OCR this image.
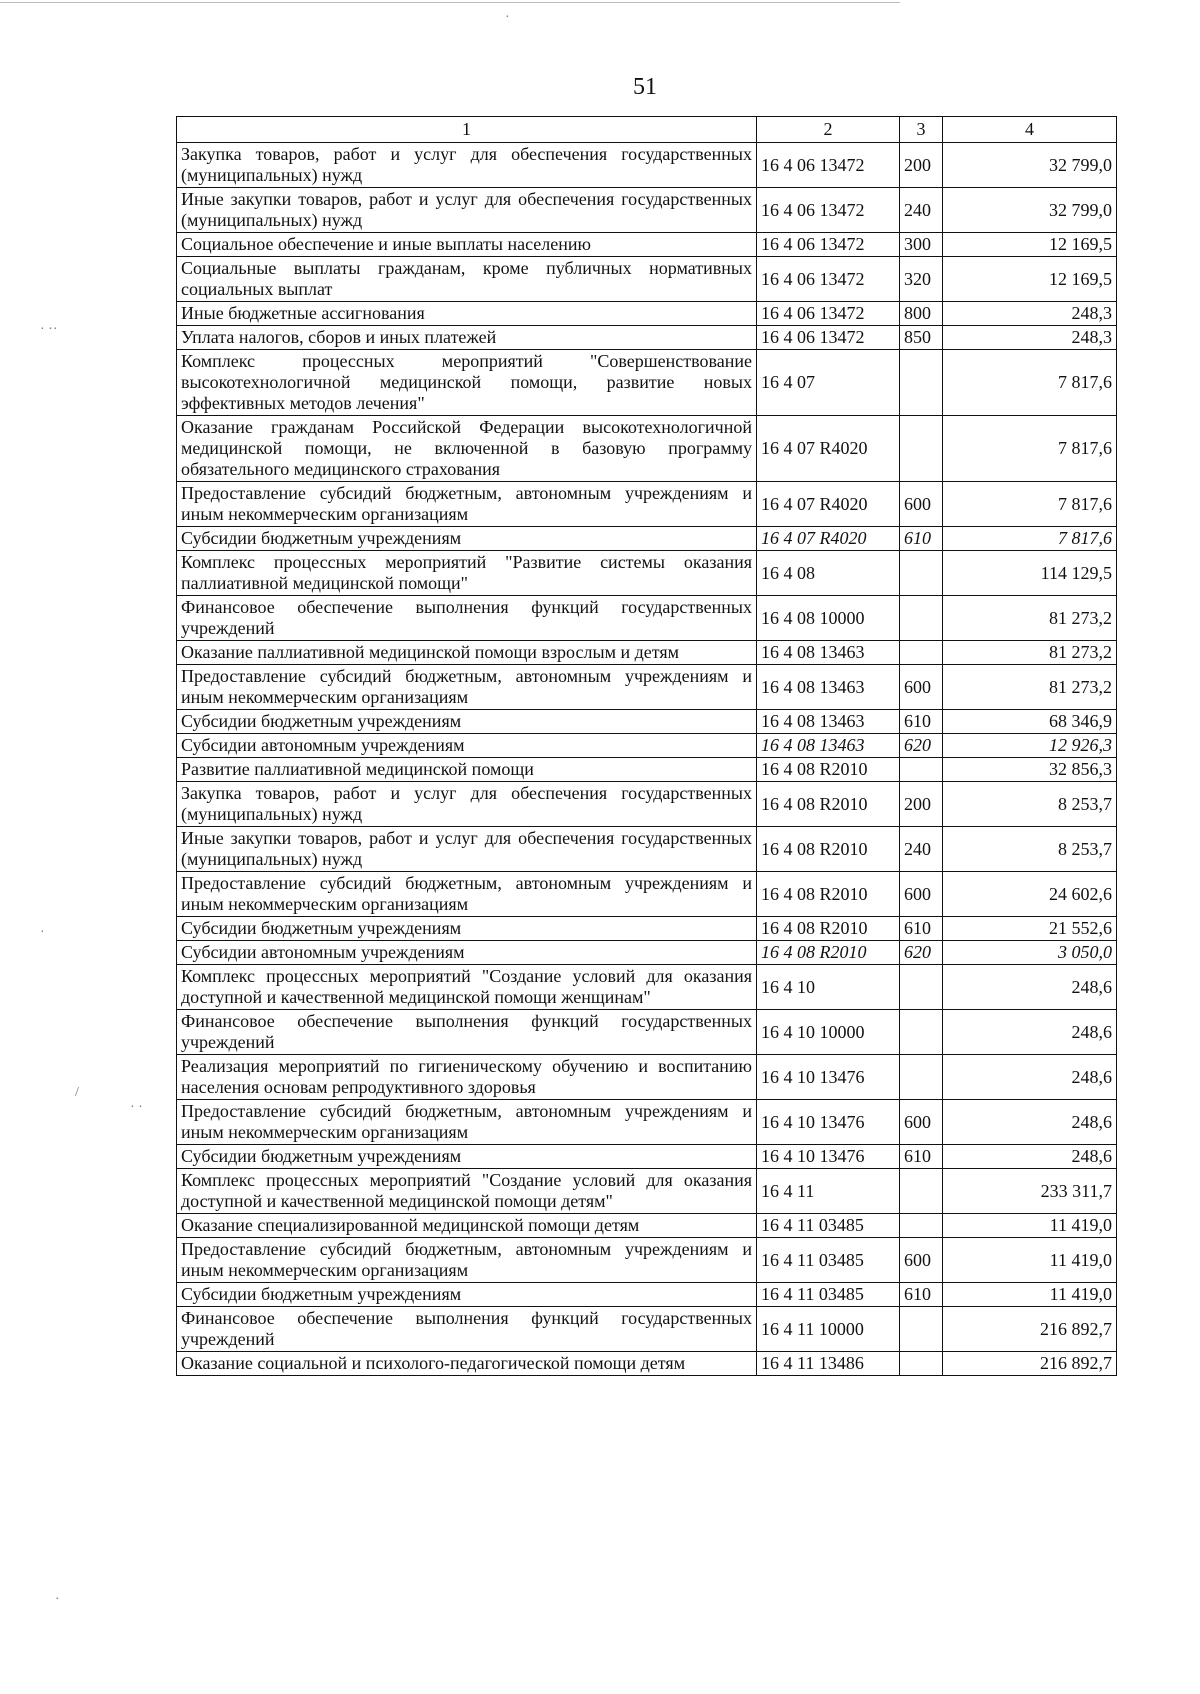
·
· ··
·
/
· ·
·
51
1	2	3	4
Закупка товаров, работ и услуг для обеспечения государственных (муниципальных) нужд	16 4 06 13472	200	32 799,0
Иные закупки товаров, работ и услуг для обеспечения государственных (муниципальных) нужд	16 4 06 13472	240	32 799,0
Социальное обеспечение и иные выплаты населению	16 4 06 13472	300	12 169,5
Социальные выплаты гражданам, кроме публичных нормативных социальных выплат	16 4 06 13472	320	12 169,5
Иные бюджетные ассигнования	16 4 06 13472	800	248,3
Уплата налогов, сборов и иных платежей	16 4 06 13472	850	248,3
Комплекс процессных мероприятий "Совершенствование высокотехнологичной медицинской помощи, развитие новых эффективных методов лечения"	16 4 07		7 817,6
Оказание гражданам Российской Федерации высокотехнологичной медицинской помощи, не включенной в базовую программу обязательного медицинского страхования	16 4 07 R4020		7 817,6
Предоставление субсидий бюджетным, автономным учреждениям и иным некоммерческим организациям	16 4 07 R4020	600	7 817,6
Субсидии бюджетным учреждениям	16 4 07 R4020	610	7 817,6
Комплекс процессных мероприятий "Развитие системы оказания паллиативной медицинской помощи"	16 4 08		114 129,5
Финансовое обеспечение выполнения функций государственных учреждений	16 4 08 10000		81 273,2
Оказание паллиативной медицинской помощи взрослым и детям	16 4 08 13463		81 273,2
Предоставление субсидий бюджетным, автономным учреждениям и иным некоммерческим организациям	16 4 08 13463	600	81 273,2
Субсидии бюджетным учреждениям	16 4 08 13463	610	68 346,9
Субсидии автономным учреждениям	16 4 08 13463	620	12 926,3
Развитие паллиативной медицинской помощи	16 4 08 R2010		32 856,3
Закупка товаров, работ и услуг для обеспечения государственных (муниципальных) нужд	16 4 08 R2010	200	8 253,7
Иные закупки товаров, работ и услуг для обеспечения государственных (муниципальных) нужд	16 4 08 R2010	240	8 253,7
Предоставление субсидий бюджетным, автономным учреждениям и иным некоммерческим организациям	16 4 08 R2010	600	24 602,6
Субсидии бюджетным учреждениям	16 4 08 R2010	610	21 552,6
Субсидии автономным учреждениям	16 4 08 R2010	620	3 050,0
Комплекс процессных мероприятий "Создание условий для оказания доступной и качественной медицинской помощи женщинам"	16 4 10		248,6
Финансовое обеспечение выполнения функций государственных учреждений	16 4 10 10000		248,6
Реализация мероприятий по гигиеническому обучению и воспитанию населения основам репродуктивного здоровья	16 4 10 13476		248,6
Предоставление субсидий бюджетным, автономным учреждениям и иным некоммерческим организациям	16 4 10 13476	600	248,6
Субсидии бюджетным учреждениям	16 4 10 13476	610	248,6
Комплекс процессных мероприятий "Создание условий для оказания доступной и качественной медицинской помощи детям"	16 4 11		233 311,7
Оказание специализированной медицинской помощи детям	16 4 11 03485		11 419,0
Предоставление субсидий бюджетным, автономным учреждениям и иным некоммерческим организациям	16 4 11 03485	600	11 419,0
Субсидии бюджетным учреждениям	16 4 11 03485	610	11 419,0
Финансовое обеспечение выполнения функций государственных учреждений	16 4 11 10000		216 892,7
Оказание социальной и психолого-педагогической помощи детям	16 4 11 13486		216 892,7
